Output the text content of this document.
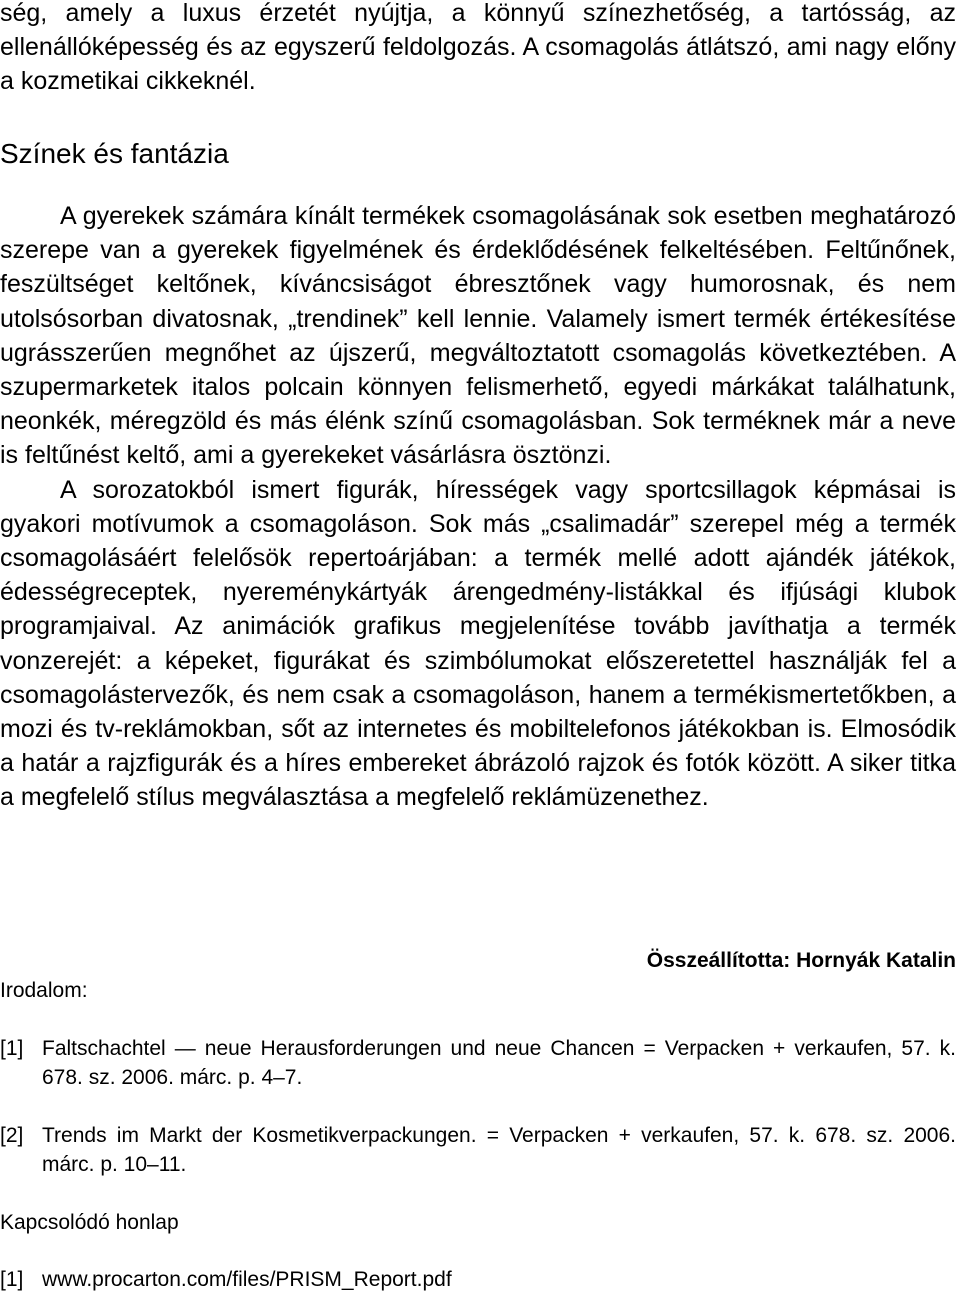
ség, amely a luxus érzetét nyújtja, a könnyű színezhetőség, a tartósság, az ellenállóképesség és az egyszerű feldolgozás. A csomagolás átlátszó, ami nagy előny a kozmetikai cikkeknél.

Színek és fantázia

A gyerekek számára kínált termékek csomagolásának sok esetben meghatározó szerepe van a gyerekek figyelmének és érdeklődésének felkeltésében. Feltűnőnek, feszültséget keltőnek, kíváncsiságot ébresztőnek vagy humorosnak, és nem utolsósorban divatosnak, „trendinek” kell lennie. Valamely ismert termék értékesítése ugrásszerűen megnőhet az újszerű, megváltoztatott csomagolás következtében. A szupermarketek italos polcain könnyen felismerhető, egyedi márkákat találhatunk, neonkék, méregzöld és más élénk színű csomagolásban. Sok terméknek már a neve is feltűnést keltő, ami a gyerekeket vásárlásra ösztönzi.

A sorozatokból ismert figurák, hírességek vagy sportcsillagok képmásai is gyakori motívumok a csomagoláson. Sok más „csalimadár” szerepel még a termék csomagolásáért felelősök repertoárjában: a termék mellé adott ajándék játékok, édességreceptek, nyereménykártyák árengedmény-listákkal és ifjúsági klubok programjaival. Az animációk grafikus megjelenítése tovább javíthatja a termék vonzerejét: a képeket, figurákat és szimbólumokat előszeretettel használják fel a csomagolástervezők, és nem csak a csomagoláson, hanem a termékismertetőkben, a mozi és tv-reklámokban, sőt az internetes és mobiltelefonos játékokban is. Elmosódik a határ a rajzfigurák és a híres embereket ábrázoló rajzok és fotók között. A siker titka a megfelelő stílus megválasztása a megfelelő reklámüzenethez.

Összeállította: Hornyák Katalin
Irodalom:
[1] Faltschachtel — neue Herausforderungen und neue Chancen = Verpacken + verkaufen, 57. k. 678. sz. 2006. márc. p. 4–7.
[2] Trends im Markt der Kosmetikverpackungen. = Verpacken + verkaufen, 57. k. 678. sz. 2006. márc. p. 10–11.
Kapcsolódó honlap
[1] www.procarton.com/files/PRISM_Report.pdf
